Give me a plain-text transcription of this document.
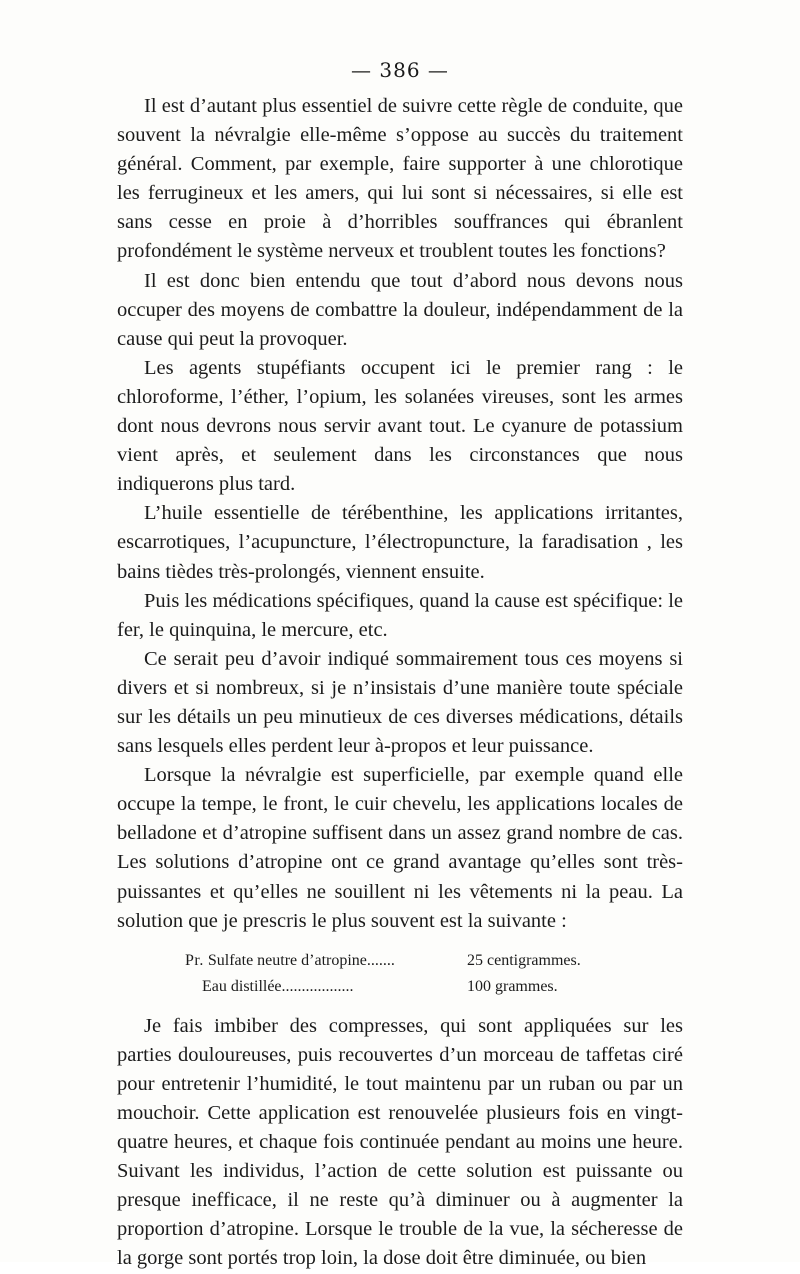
— 386 —

Il est d’autant plus essentiel de suivre cette règle de conduite, que souvent la névralgie elle-même s’oppose au succès du traitement général. Comment, par exemple, faire supporter à une chlorotique les ferrugineux et les amers, qui lui sont si nécessaires, si elle est sans cesse en proie à d’horribles souffrances qui ébranlent profondément le système nerveux et troublent toutes les fonctions?

Il est donc bien entendu que tout d’abord nous devons nous occuper des moyens de combattre la douleur, indépendamment de la cause qui peut la provoquer.

Les agents stupéfiants occupent ici le premier rang : le chloroforme, l’éther, l’opium, les solanées vireuses, sont les armes dont nous devrons nous servir avant tout. Le cyanure de potassium vient après, et seulement dans les circonstances que nous indiquerons plus tard.

L’huile essentielle de térébenthine, les applications irritantes, escarrotiques, l’acupuncture, l’électropuncture, la faradisation , les bains tièdes très-prolongés, viennent ensuite.

Puis les médications spécifiques, quand la cause est spécifique: le fer, le quinquina, le mercure, etc.

Ce serait peu d’avoir indiqué sommairement tous ces moyens si divers et si nombreux, si je n’insistais d’une manière toute spéciale sur les détails un peu minutieux de ces diverses médications, détails sans lesquels elles perdent leur à-propos et leur puissance.

Lorsque la névralgie est superficielle, par exemple quand elle occupe la tempe, le front, le cuir chevelu, les applications locales de belladone et d’atropine suffisent dans un assez grand nombre de cas. Les solutions d’atropine ont ce grand avantage qu’elles sont très-puissantes et qu’elles ne souillent ni les vêtements ni la peau. La solution que je prescris le plus souvent est la suivante :

Pr. Sulfate neutre d’atropine.......	25 centigrammes.
Eau distillée..................	100 grammes.

Je fais imbiber des compresses, qui sont appliquées sur les parties douloureuses, puis recouvertes d’un morceau de taffetas ciré pour entretenir l’humidité, le tout maintenu par un ruban ou par un mouchoir. Cette application est renouvelée plusieurs fois en vingt-quatre heures, et chaque fois continuée pendant au moins une heure. Suivant les individus, l’action de cette solution est puissante ou presque inefficace, il ne reste qu’à diminuer ou à augmenter la proportion d’atropine. Lorsque le trouble de la vue, la sécheresse de la gorge sont portés trop loin, la dose doit être diminuée, ou bien
